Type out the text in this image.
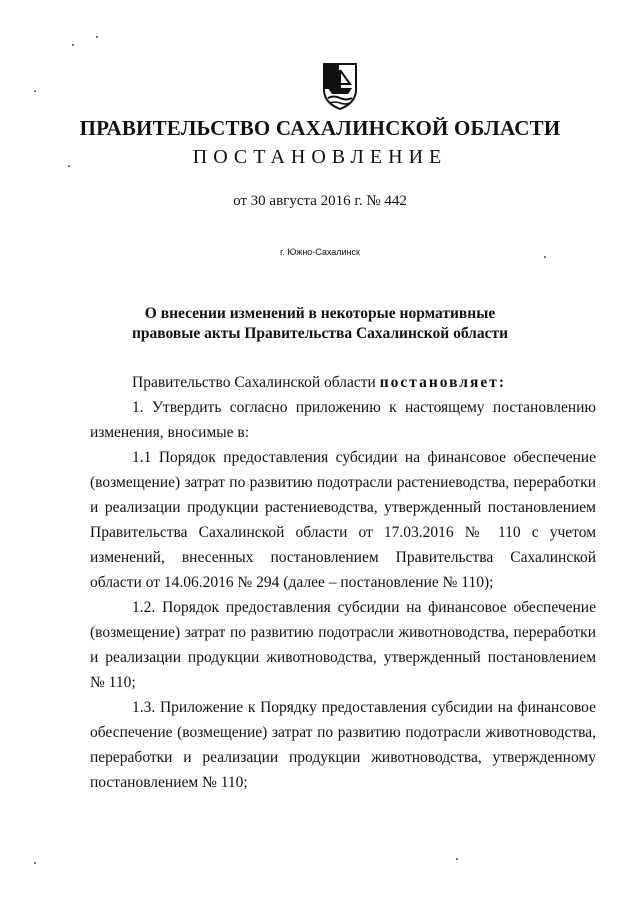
ПРАВИТЕЛЬСТВО САХАЛИНСКОЙ ОБЛАСТИ
ПОСТАНОВЛЕНИЕ
от 30 августа 2016 г. № 442
г. Южно-Сахалинск
О внесении изменений в некоторые нормативные
правовые акты Правительства Сахалинской области

Правительство Сахалинской области постановляет:

1. Утвердить согласно приложению к настоящему постановлению изменения, вносимые в:

1.1 Порядок предоставления субсидии на финансовое обеспечение (возмещение) затрат по развитию подотрасли растениеводства, переработки и реализации продукции растениеводства, утвержденный постановлением Правительства Сахалинской области от 17.03.2016 № 110 с учетом изменений, внесенных постановлением Правительства Сахалинской области от 14.06.2016 № 294 (далее – постановление № 110);

1.2. Порядок предоставления субсидии на финансовое обеспечение (возмещение) затрат по развитию подотрасли животноводства, переработки и реализации продукции животноводства, утвержденный постановлением № 110;

1.3. Приложение к Порядку предоставления субсидии на финансовое обеспечение (возмещение) затрат по развитию подотрасли животноводства, переработки и реализации продукции животноводства, утвержденному постановлением № 110;
